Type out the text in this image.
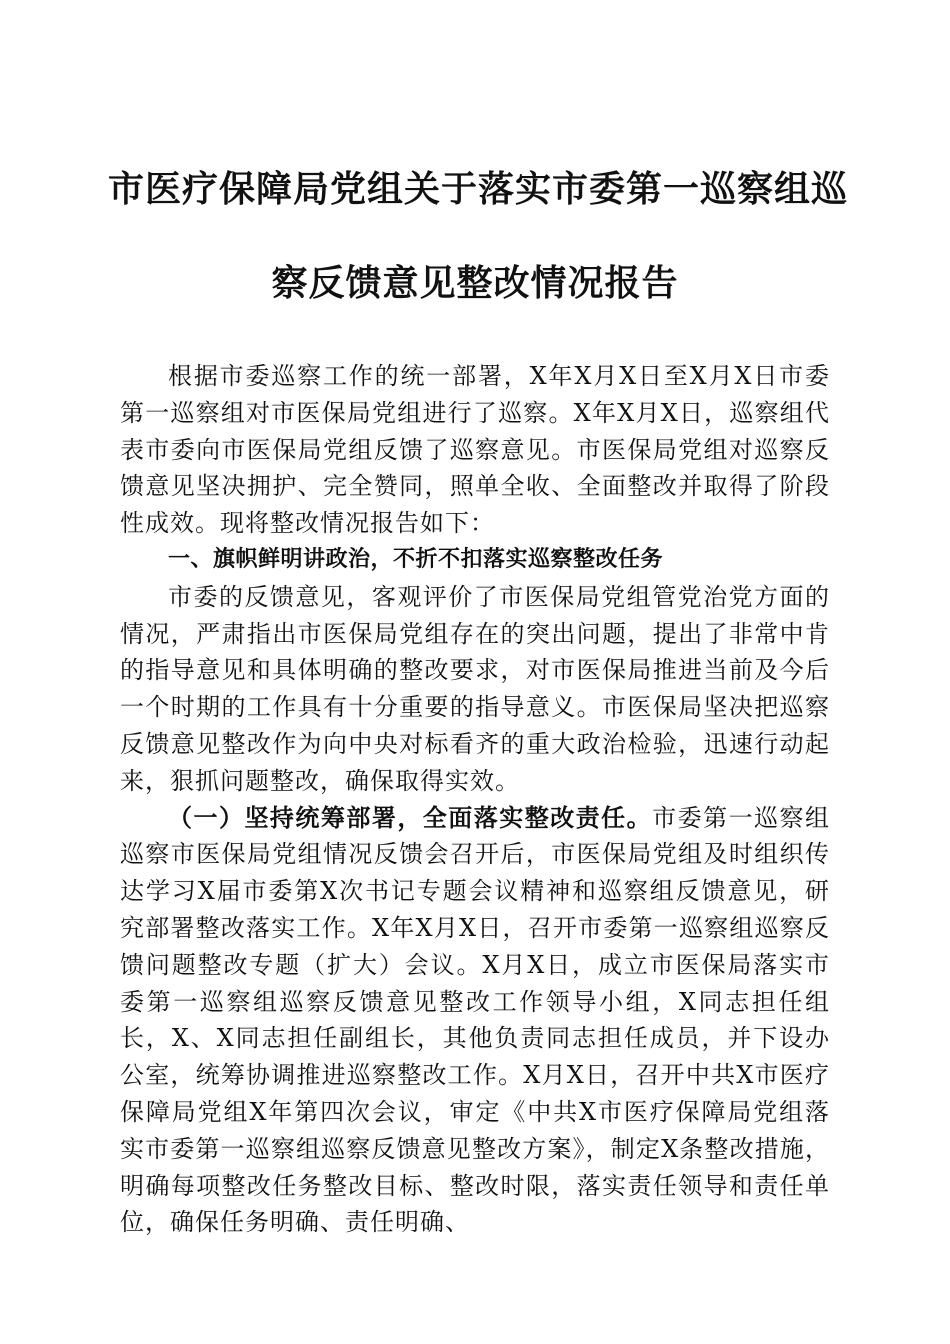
市医疗保障局党组关于落实市委第一巡察组巡
察反馈意见整改情况报告

根据市委巡察工作的统一部署，X年X月X日至X月X日市委第一巡察组对市医保局党组进行了巡察。X年X月X日，巡察组代表市委向市医保局党组反馈了巡察意见。市医保局党组对巡察反馈意见坚决拥护、完全赞同，照单全收、全面整改并取得了阶段性成效。现将整改情况报告如下：

一、旗帜鲜明讲政治，不折不扣落实巡察整改任务

市委的反馈意见，客观评价了市医保局党组管党治党方面的情况，严肃指出市医保局党组存在的突出问题，提出了非常中肯的指导意见和具体明确的整改要求，对市医保局推进当前及今后一个时期的工作具有十分重要的指导意义。市医保局坚决把巡察反馈意见整改作为向中央对标看齐的重大政治检验，迅速行动起来，狠抓问题整改，确保取得实效。

（一）坚持统筹部署，全面落实整改责任。市委第一巡察组巡察市医保局党组情况反馈会召开后，市医保局党组及时组织传达学习X届市委第X次书记专题会议精神和巡察组反馈意见，研究部署整改落实工作。X年X月X日，召开市委第一巡察组巡察反馈问题整改专题（扩大）会议。X月X日，成立市医保局落实市委第一巡察组巡察反馈意见整改工作领导小组，X同志担任组长，X、X同志担任副组长，其他负责同志担任成员，并下设办公室，统筹协调推进巡察整改工作。X月X日，召开中共X市医疗保障局党组X年第四次会议，审定《中共X市医疗保障局党组落实市委第一巡察组巡察反馈意见整改方案》，制定X条整改措施，明确每项整改任务整改目标、整改时限，落实责任领导和责任单位，确保任务明确、责任明确、
